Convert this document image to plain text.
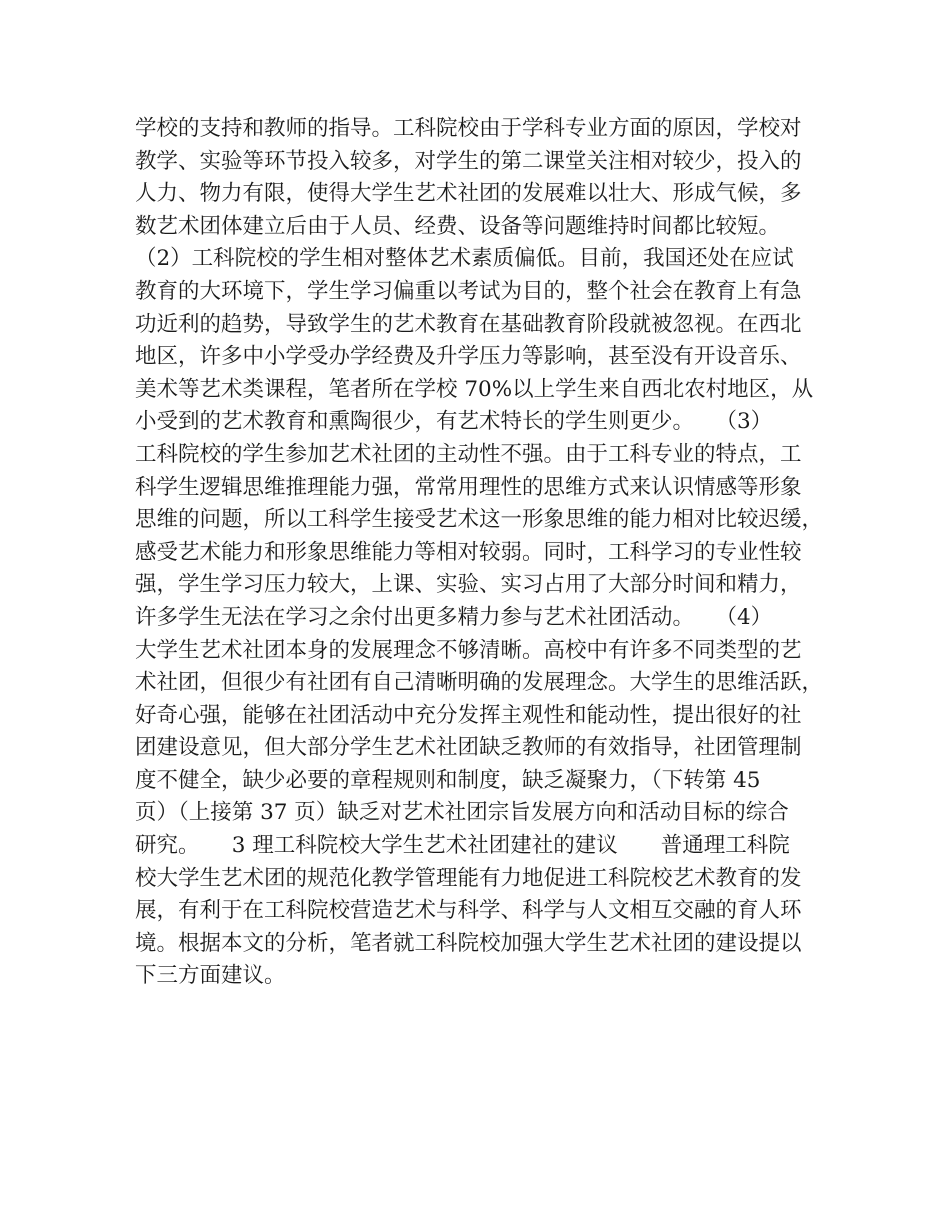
学校的支持和教师的指导。工科院校由于学科专业方面的原因，学校对
教学、实验等环节投入较多，对学生的第二课堂关注相对较少，投入的
人力、物力有限，使得大学生艺术社团的发展难以壮大、形成气候，多
数艺术团体建立后由于人员、经费、设备等问题维持时间都比较短。
（2）工科院校的学生相对整体艺术素质偏低。目前，我国还处在应试
教育的大环境下，学生学习偏重以考试为目的，整个社会在教育上有急
功近利的趋势，导致学生的艺术教育在基础教育阶段就被忽视。在西北
地区，许多中小学受办学经费及升学压力等影响，甚至没有开设音乐、
美术等艺术类课程，笔者所在学校 70%以上学生来自西北农村地区，从
小受到的艺术教育和熏陶很少，有艺术特长的学生则更少。　　（3）
工科院校的学生参加艺术社团的主动性不强。由于工科专业的特点，工
科学生逻辑思维推理能力强，常常用理性的思维方式来认识情感等形象
思维的问题，所以工科学生接受艺术这一形象思维的能力相对比较迟缓，
感受艺术能力和形象思维能力等相对较弱。同时，工科学习的专业性较
强，学生学习压力较大，上课、实验、实习占用了大部分时间和精力，
许多学生无法在学习之余付出更多精力参与艺术社团活动。　　（4）
大学生艺术社团本身的发展理念不够清晰。高校中有许多不同类型的艺
术社团，但很少有社团有自己清晰明确的发展理念。大学生的思维活跃，
好奇心强，能够在社团活动中充分发挥主观性和能动性，提出很好的社
团建设意见，但大部分学生艺术社团缺乏教师的有效指导，社团管理制
度不健全，缺少必要的章程规则和制度，缺乏凝聚力，（下转第 45
页）（上接第 37 页）缺乏对艺术社团宗旨发展方向和活动目标的综合
研究。　　3 理工科院校大学生艺术社团建社的建议　　普通理工科院
校大学生艺术团的规范化教学管理能有力地促进工科院校艺术教育的发
展，有利于在工科院校营造艺术与科学、科学与人文相互交融的育人环
境。根据本文的分析，笔者就工科院校加强大学生艺术社团的建设提以
下三方面建议。
